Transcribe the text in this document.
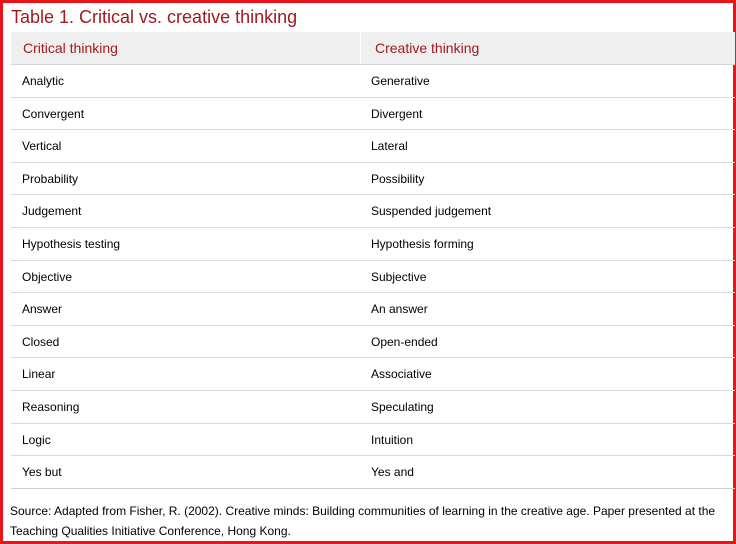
Table 1. Critical vs. creative thinking
Critical thinking	Creative thinking
Analytic	Generative
Convergent	Divergent
Vertical	Lateral
Probability	Possibility
Judgement	Suspended judgement
Hypothesis testing	Hypothesis forming
Objective	Subjective
Answer	An answer
Closed	Open-ended
Linear	Associative
Reasoning	Speculating
Logic	Intuition
Yes but	Yes and
Source: Adapted from Fisher, R. (2002). Creative minds: Building communities of learning in the creative age. Paper presented at the Teaching Qualities Initiative Conference, Hong Kong.
